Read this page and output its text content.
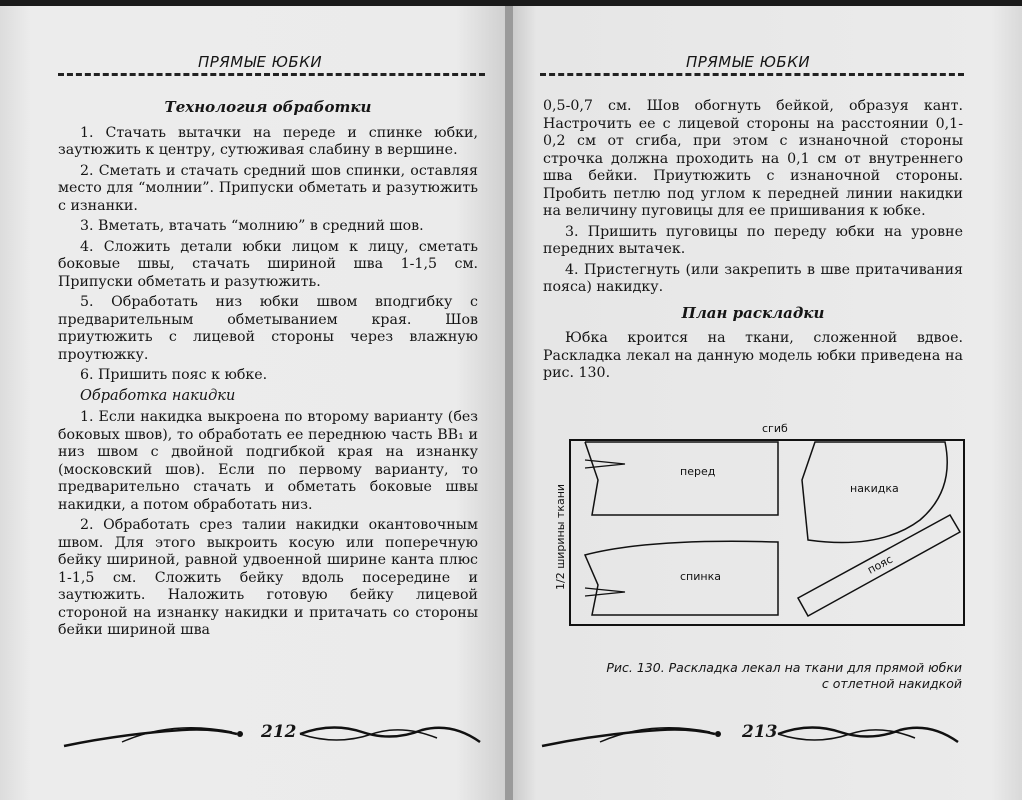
ПРЯМЫЕ ЮБКИ
Технология обработки

1. Стачать вытачки на переде и спинке юбки, заутюжить к центру, сутюживая слабину в вершине.

2. Сметать и стачать средний шов спинки, оставляя место для “молнии”. Припуски обметать и разутюжить с изнанки.

3. Вметать, втачать “молнию” в средний шов.

4. Сложить детали юбки лицом к лицу, сметать боковые швы, стачать шириной шва 1-1,5 см. Припуски обметать и разутюжить.

5. Обработать низ юбки швом вподгибку с предварительным обметыванием края. Шов приутюжить с лицевой стороны через влажную проутюжку.

6. Пришить пояс к юбке.

Обработка накидки

1. Если накидка выкроена по второму варианту (без боковых швов), то обработать ее переднюю часть BB₁ и низ швом с двойной подгибкой края на изнанку (московский шов). Если по первому варианту, то предварительно стачать и обметать боковые швы накидки, а потом обработать низ.

2. Обработать срез талии накидки окантовочным швом. Для этого выкроить косую или поперечную бейку шириной, равной удвоенной ширине канта плюс 1-1,5 см. Сложить бейку вдоль посередине и заутюжить. Наложить готовую бейку лицевой стороной на изнанку накидки и притачать со стороны бейки шириной шва

212
ПРЯМЫЕ ЮБКИ

0,5-0,7 см. Шов обогнуть бейкой, образуя кант. Настрочить ее с лицевой стороны на расстоянии 0,1-0,2 см от сгиба, при этом с изнаночной стороны строчка должна проходить на 0,1 см от внутреннего шва бейки. Приутюжить с изнаночной стороны. Пробить петлю под углом к передней линии накидки на величину пуговицы для ее пришивания к юбке.

3. Пришить пуговицы по переду юбки на уровне передних вытачек.

4. Пристегнуть (или закрепить в шве притачивания пояса) накидку.

План раскладки

Юбка кроится на ткани, сложенной вдвое. Раскладка лекал на данную модель юбки приведена на рис. 130.

сгиб
1/2 ширины ткани
перед
накидка
спинка	пояс
Рис. 130. Раскладка лекал на ткани для прямой юбки
с отлетной накидкой
213
